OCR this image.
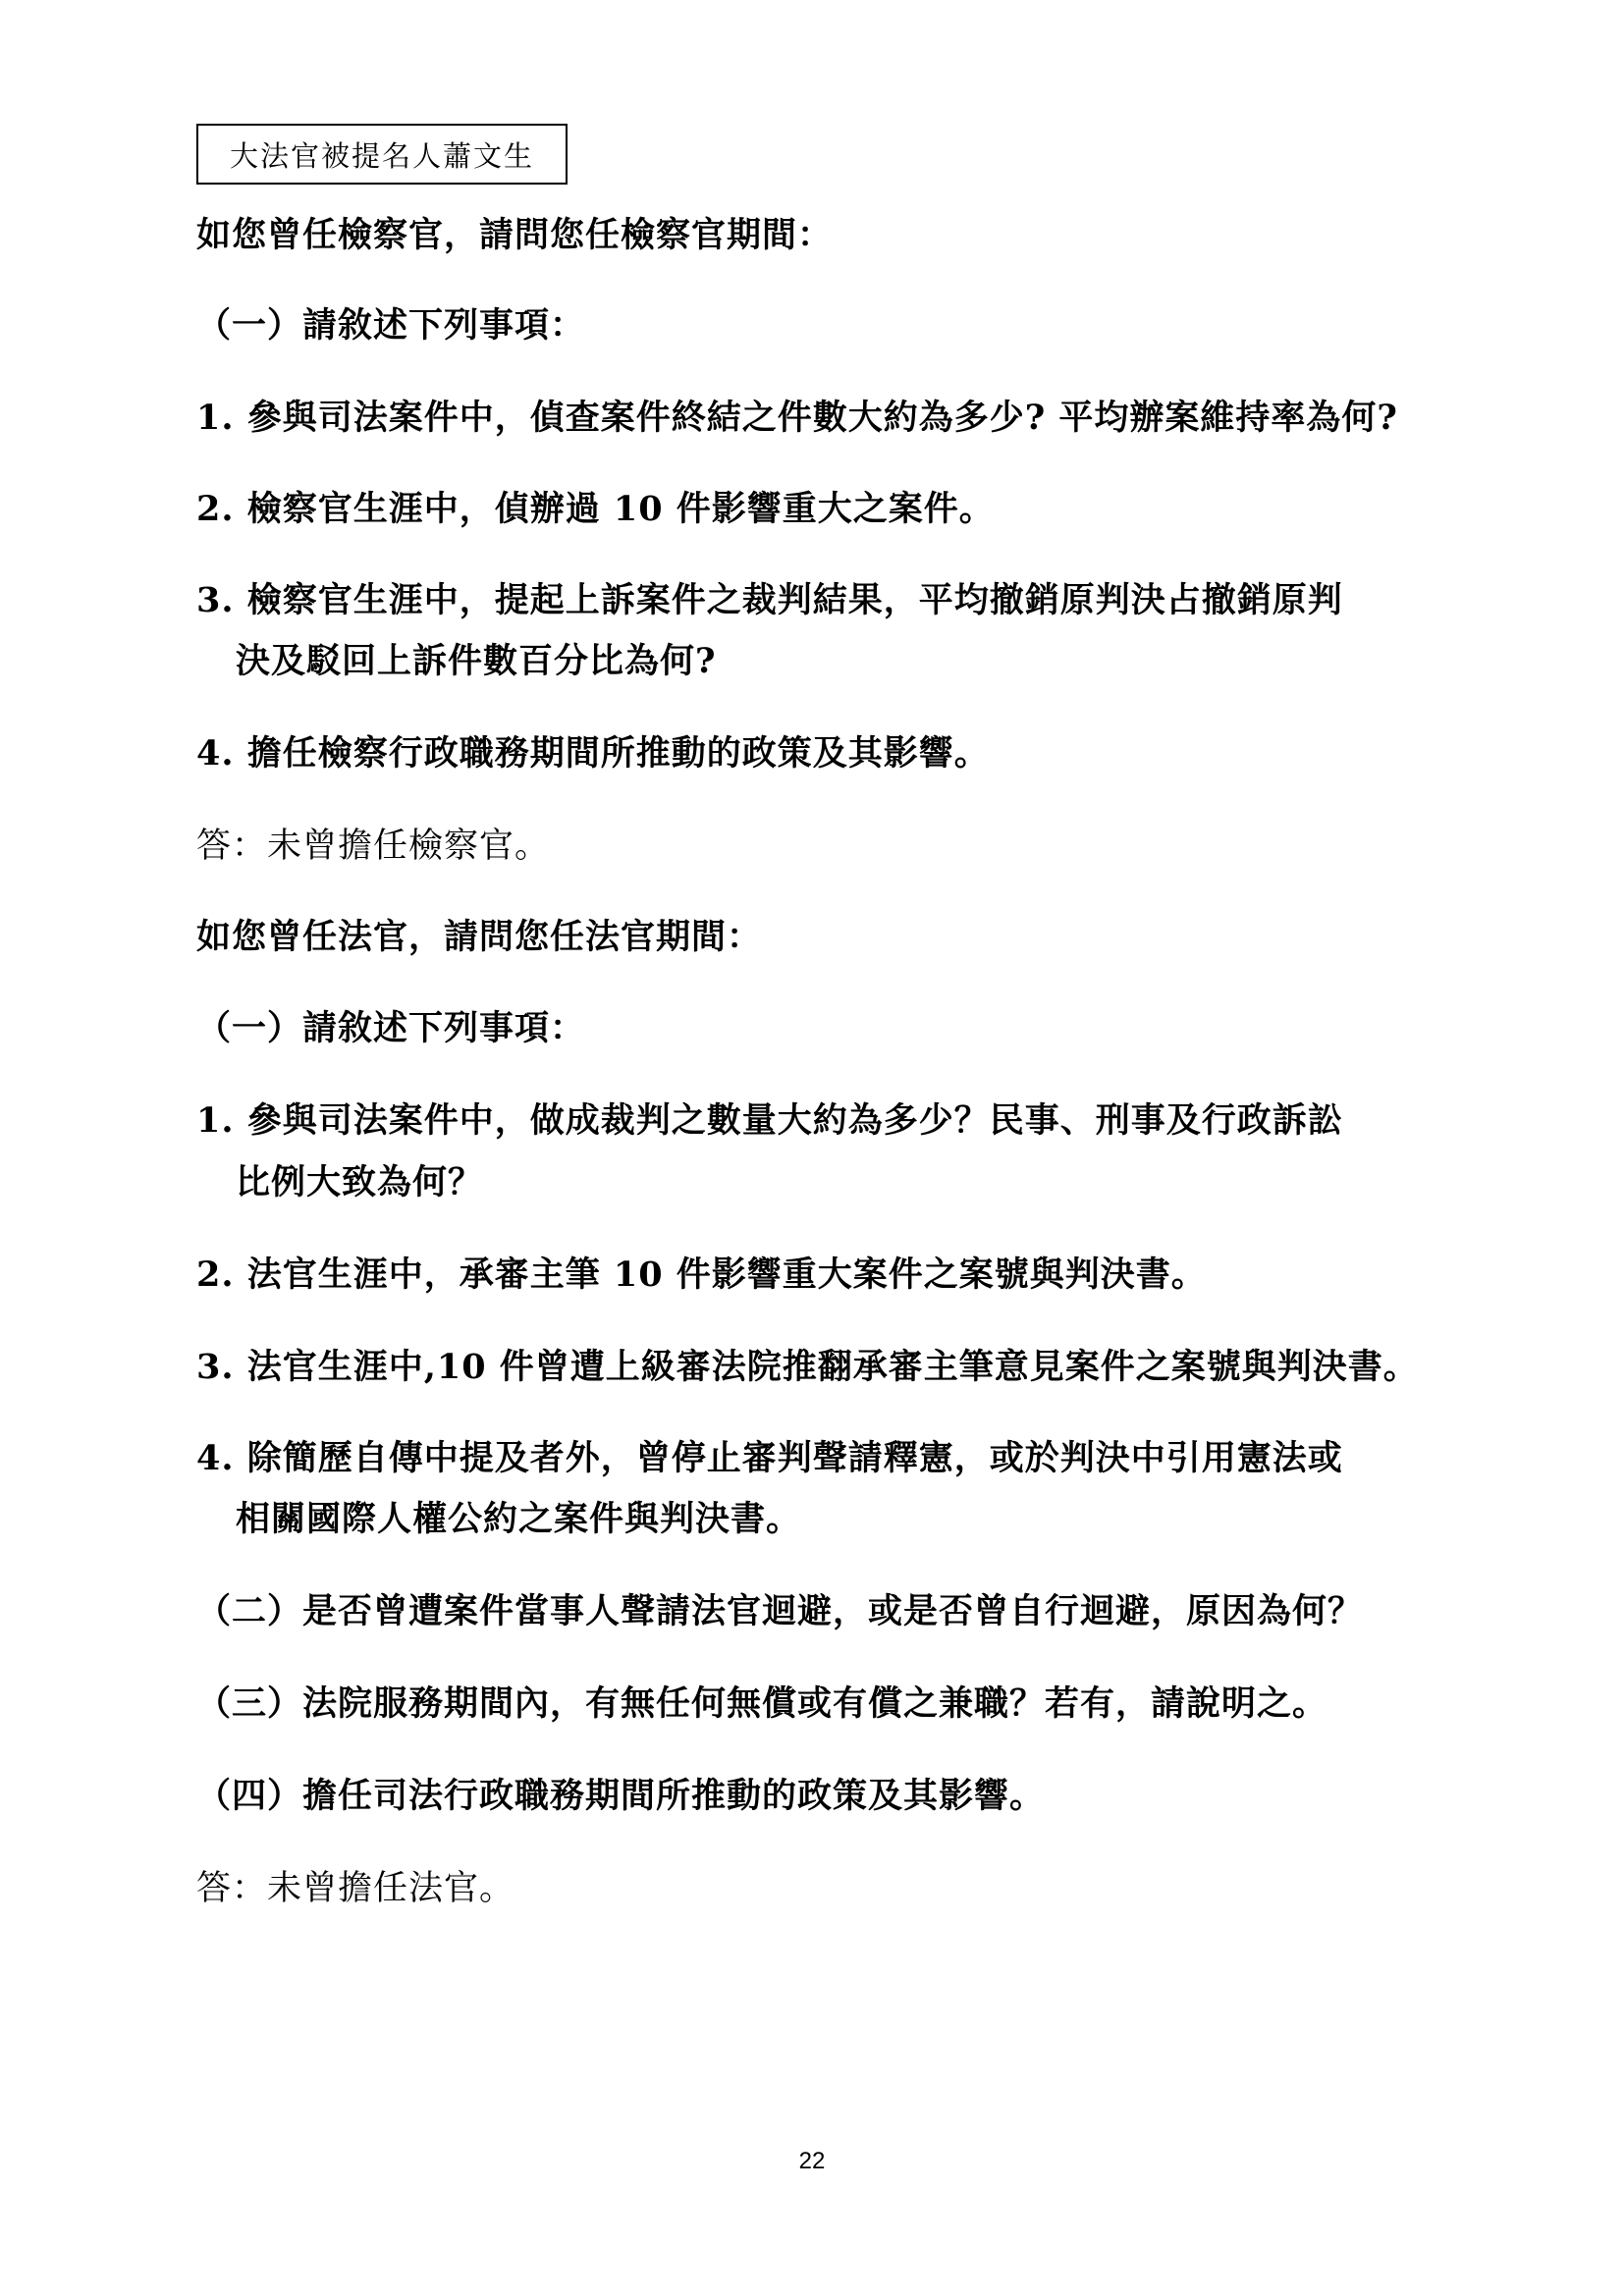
大法官被提名人蕭文生
如您曾任檢察官，請問您任檢察官期間：
（一）請敘述下列事項：
1. 參與司法案件中，偵查案件終結之件數大約為多少? 平均辦案維持率為何?
2. 檢察官生涯中，偵辦過 10 件影響重大之案件。
3. 檢察官生涯中，提起上訴案件之裁判結果，平均撤銷原判決占撤銷原判
決及駁回上訴件數百分比為何?
4. 擔任檢察行政職務期間所推動的政策及其影響。
答：未曾擔任檢察官。
如您曾任法官，請問您任法官期間：
（一）請敘述下列事項：
1. 參與司法案件中，做成裁判之數量大約為多少？民事、刑事及行政訴訟
比例大致為何？
2. 法官生涯中，承審主筆 10 件影響重大案件之案號與判決書。
3. 法官生涯中,10 件曾遭上級審法院推翻承審主筆意見案件之案號與判決書。
4. 除簡歷自傳中提及者外，曾停止審判聲請釋憲，或於判決中引用憲法或
相關國際人權公約之案件與判決書。
（二）是否曾遭案件當事人聲請法官迴避，或是否曾自行迴避，原因為何？
（三）法院服務期間內，有無任何無償或有償之兼職？若有，請說明之。
（四）擔任司法行政職務期間所推動的政策及其影響。
答：未曾擔任法官。
22
